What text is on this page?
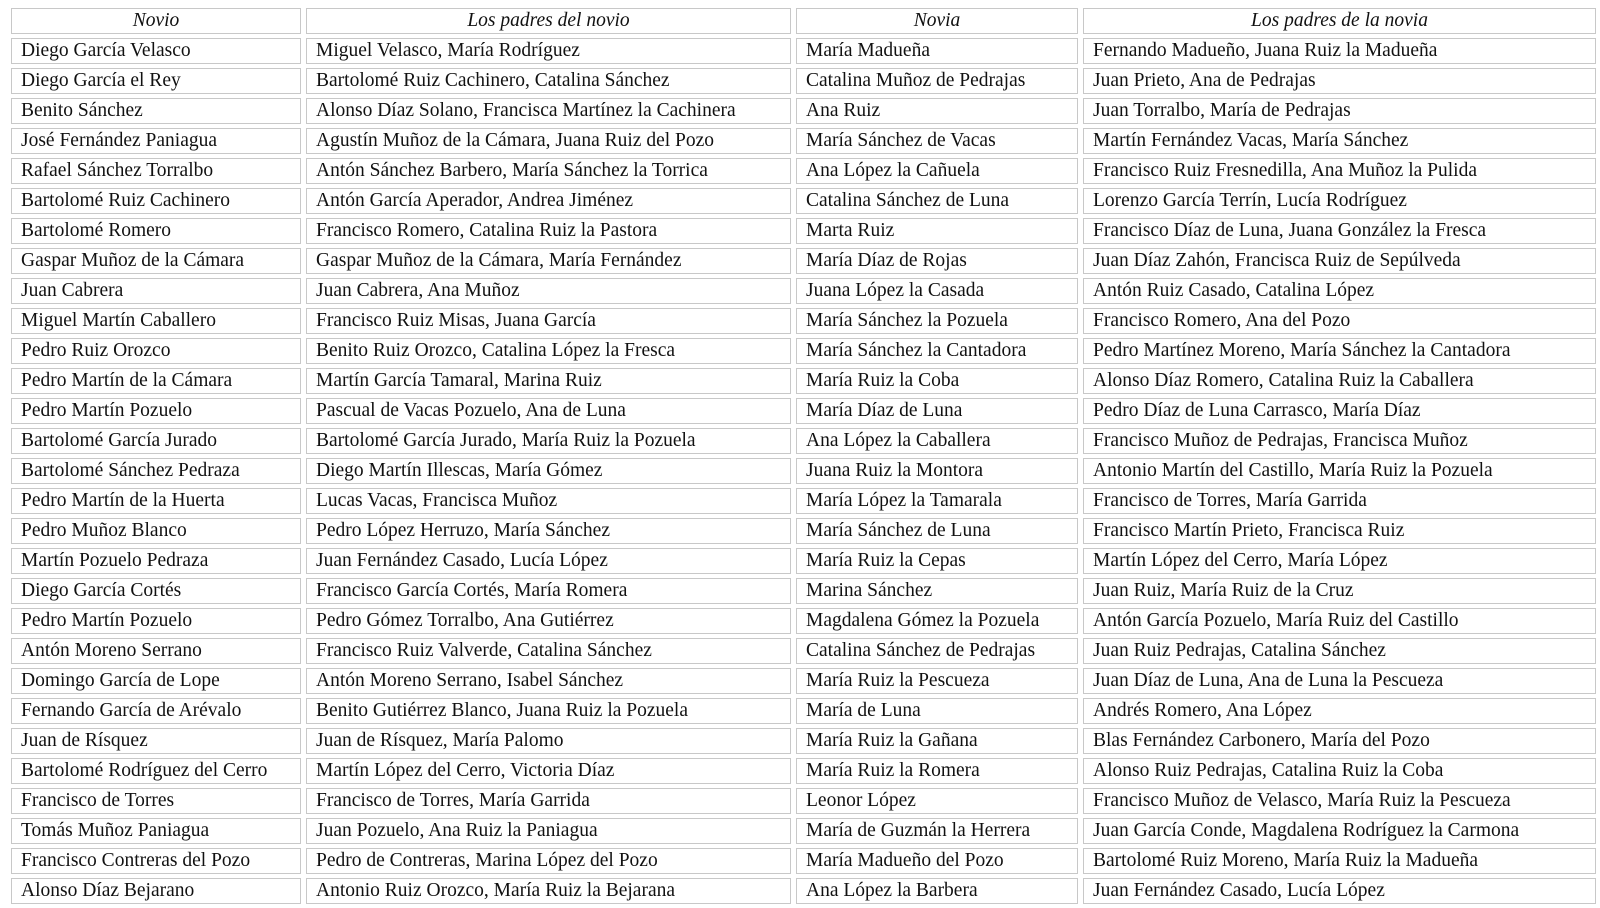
Novio	Los padres del novio	Novia	Los padres de la novia
Diego García Velasco	Miguel Velasco, María Rodríguez	María Madueña	Fernando Madueño, Juana Ruiz la Madueña
Diego García el Rey	Bartolomé Ruiz Cachinero, Catalina Sánchez	Catalina Muñoz de Pedrajas	Juan Prieto, Ana de Pedrajas
Benito Sánchez	Alonso Díaz Solano, Francisca Martínez la Cachinera	Ana Ruiz	Juan Torralbo, María de Pedrajas
José Fernández Paniagua	Agustín Muñoz de la Cámara, Juana Ruiz del Pozo	María Sánchez de Vacas	Martín Fernández Vacas, María Sánchez
Rafael Sánchez Torralbo	Antón Sánchez Barbero, María Sánchez la Torrica	Ana López la Cañuela	Francisco Ruiz Fresnedilla, Ana Muñoz la Pulida
Bartolomé Ruiz Cachinero	Antón García Aperador, Andrea Jiménez	Catalina Sánchez de Luna	Lorenzo García Terrín, Lucía Rodríguez
Bartolomé Romero	Francisco Romero, Catalina Ruiz la Pastora	Marta Ruiz	Francisco Díaz de Luna, Juana González la Fresca
Gaspar Muñoz de la Cámara	Gaspar Muñoz de la Cámara, María Fernández	María Díaz de Rojas	Juan Díaz Zahón, Francisca Ruiz de Sepúlveda
Juan Cabrera	Juan Cabrera, Ana Muñoz	Juana López la Casada	Antón Ruiz Casado, Catalina López
Miguel Martín Caballero	Francisco Ruiz Misas, Juana García	María Sánchez la Pozuela	Francisco Romero, Ana del Pozo
Pedro Ruiz Orozco	Benito Ruiz Orozco, Catalina López la Fresca	María Sánchez la Cantadora	Pedro Martínez Moreno, María Sánchez la Cantadora
Pedro Martín de la Cámara	Martín García Tamaral, Marina Ruiz	María Ruiz la Coba	Alonso Díaz Romero, Catalina Ruiz la Caballera
Pedro Martín Pozuelo	Pascual de Vacas Pozuelo, Ana de Luna	María Díaz de Luna	Pedro Díaz de Luna Carrasco, María Díaz
Bartolomé García Jurado	Bartolomé García Jurado, María Ruiz la Pozuela	Ana López la Caballera	Francisco Muñoz de Pedrajas, Francisca Muñoz
Bartolomé Sánchez Pedraza	Diego Martín Illescas, María Gómez	Juana Ruiz la Montora	Antonio Martín del Castillo, María Ruiz la Pozuela
Pedro Martín de la Huerta	Lucas Vacas, Francisca Muñoz	María López la Tamarala	Francisco de Torres, María Garrida
Pedro Muñoz Blanco	Pedro López Herruzo, María Sánchez	María Sánchez de Luna	Francisco Martín Prieto, Francisca Ruiz
Martín Pozuelo Pedraza	Juan Fernández Casado, Lucía López	María Ruiz la Cepas	Martín López del Cerro, María López
Diego García Cortés	Francisco García Cortés, María Romera	Marina Sánchez	Juan Ruiz, María Ruiz de la Cruz
Pedro Martín Pozuelo	Pedro Gómez Torralbo, Ana Gutiérrez	Magdalena Gómez la Pozuela	Antón García Pozuelo, María Ruiz del Castillo
Antón Moreno Serrano	Francisco Ruiz Valverde, Catalina Sánchez	Catalina Sánchez de Pedrajas	Juan Ruiz Pedrajas, Catalina Sánchez
Domingo García de Lope	Antón Moreno Serrano, Isabel Sánchez	María Ruiz la Pescueza	Juan Díaz de Luna, Ana de Luna la Pescueza
Fernando García de Arévalo	Benito Gutiérrez Blanco, Juana Ruiz la Pozuela	María de Luna	Andrés Romero, Ana López
Juan de Rísquez	Juan de Rísquez, María Palomo	María Ruiz la Gañana	Blas Fernández Carbonero, María del Pozo
Bartolomé Rodríguez del Cerro	Martín López del Cerro, Victoria Díaz	María Ruiz la Romera	Alonso Ruiz Pedrajas, Catalina Ruiz la Coba
Francisco de Torres	Francisco de Torres, María Garrida	Leonor López	Francisco Muñoz de Velasco, María Ruiz la Pescueza
Tomás Muñoz Paniagua	Juan Pozuelo, Ana Ruiz la Paniagua	María de Guzmán la Herrera	Juan García Conde, Magdalena Rodríguez la Carmona
Francisco Contreras del Pozo	Pedro de Contreras, Marina López del Pozo	María Madueño del Pozo	Bartolomé Ruiz Moreno, María Ruiz la Madueña
Alonso Díaz Bejarano	Antonio Ruiz Orozco, María Ruiz la Bejarana	Ana López la Barbera	Juan Fernández Casado, Lucía López
